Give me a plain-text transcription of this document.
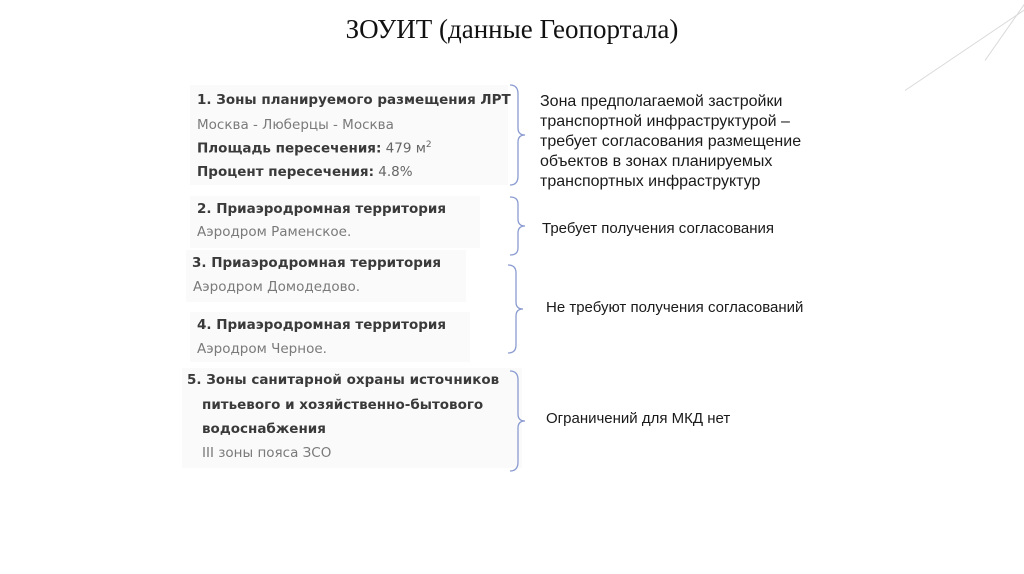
ЗОУИТ (данные Геопортала)
1. Зоны планируемого размещения ЛРТ
Москва - Люберцы - Москва
Площадь пересечения: 479 $м^2$
Процент пересечения: 4.8%
2. Приаэродромная территория
Аэродром Раменское.
3. Приаэродромная территория
Аэродром Домодедово.
4. Приаэродромная территория
Аэродром Черное.
5. Зоны санитарной охраны источников
питьевого и хозяйственно-бытового
водоснабжения
III зоны пояса ЗСО
Зона предполагаемой застройки
транспортной инфраструктурой –
требует согласования размещение
объектов в зонах планируемых
транспортных инфраструктур
Требует получения согласования
Не требуют получения согласований
Ограничений для МКД нет
